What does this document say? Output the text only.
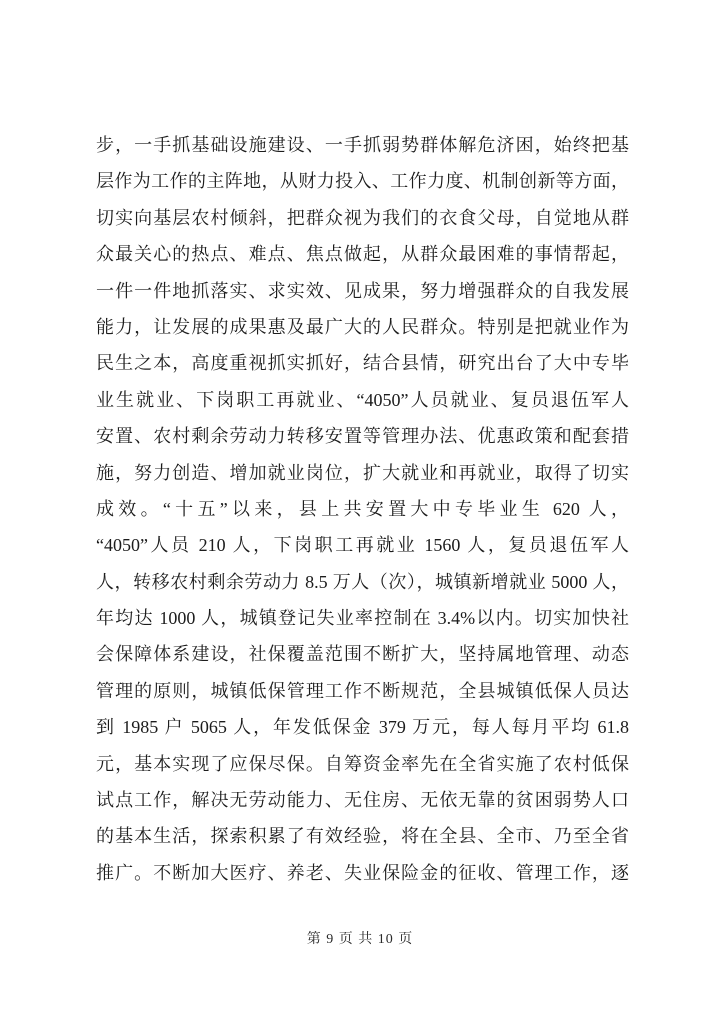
步，一手抓基础设施建设、一手抓弱势群体解危济困，始终把基
层作为工作的主阵地，从财力投入、工作力度、机制创新等方面，
切实向基层农村倾斜，把群众视为我们的衣食父母，自觉地从群
众最关心的热点、难点、焦点做起，从群众最困难的事情帮起，
一件一件地抓落实、求实效、见成果，努力增强群众的自我发展
能力，让发展的成果惠及最广大的人民群众。特别是把就业作为
民生之本，高度重视抓实抓好，结合县情，研究出台了大中专毕
业生就业、下岗职工再就业、“4050”人员就业、复员退伍军人
安置、农村剩余劳动力转移安置等管理办法、优惠政策和配套措
施，努力创造、增加就业岗位，扩大就业和再就业，取得了切实
成效。“十五”以来，县上共安置大中专毕业生 620 人，
“4050”人员 210 人，下岗职工再就业 1560 人，复员退伍军人
人，转移农村剩余劳动力 8.5 万人（次），城镇新增就业 5000 人，
年均达 1000 人，城镇登记失业率控制在 3.4%以内。切实加快社
会保障体系建设，社保覆盖范围不断扩大，坚持属地管理、动态
管理的原则，城镇低保管理工作不断规范，全县城镇低保人员达
到 1985 户 5065 人，年发低保金 379 万元，每人每月平均 61.8
元，基本实现了应保尽保。自筹资金率先在全省实施了农村低保
试点工作，解决无劳动能力、无住房、无依无靠的贫困弱势人口
的基本生活，探索积累了有效经验，将在全县、全市、乃至全省
推广。不断加大医疗、养老、失业保险金的征收、管理工作，逐
第 9 页 共 10 页
